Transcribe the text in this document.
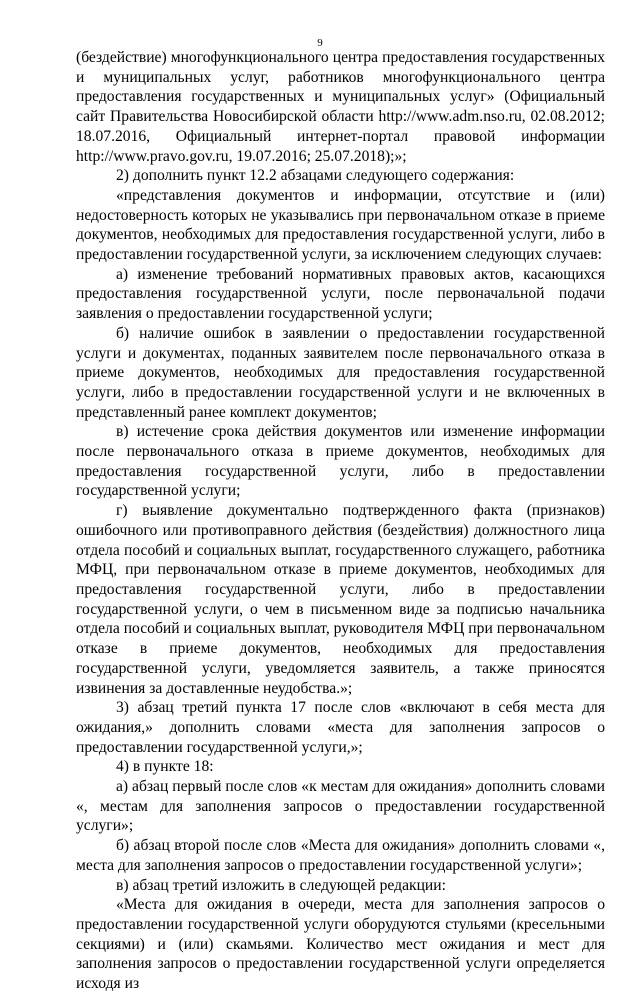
9

(бездействие) многофункционального центра предоставления государственных и муниципальных услуг, работников многофункционального центра предоставления государственных и муниципальных услуг» (Официальный сайт Правительства Новосибирской области http://www.adm.nso.ru, 02.08.2012; 18.07.2016, Официальный интернет-портал правовой информации http://www.pravo.gov.ru, 19.07.2016; 25.07.2018);»;

2) дополнить пункт 12.2 абзацами следующего содержания:

«представления документов и информации, отсутствие и (или) недостоверность которых не указывались при первоначальном отказе в приеме документов, необходимых для предоставления государственной услуги, либо в предоставлении государственной услуги, за исключением следующих случаев:

а) изменение требований нормативных правовых актов, касающихся предоставления государственной услуги, после первоначальной подачи заявления о предоставлении государственной услуги;

б) наличие ошибок в заявлении о предоставлении государственной услуги и документах, поданных заявителем после первоначального отказа в приеме документов, необходимых для предоставления государственной услуги, либо в предоставлении государственной услуги и не включенных в представленный ранее комплект документов;

в) истечение срока действия документов или изменение информации после первоначального отказа в приеме документов, необходимых для предоставления государственной услуги, либо в предоставлении государственной услуги;

г) выявление документально подтвержденного факта (признаков) ошибочного или противоправного действия (бездействия) должностного лица отдела пособий и социальных выплат, государственного служащего, работника МФЦ, при первоначальном отказе в приеме документов, необходимых для предоставления государственной услуги, либо в предоставлении государственной услуги, о чем в письменном виде за подписью начальника отдела пособий и социальных выплат, руководителя МФЦ при первоначальном отказе в приеме документов, необходимых для предоставления государственной услуги, уведомляется заявитель, а также приносятся извинения за доставленные неудобства.»;

3) абзац третий пункта 17 после слов «включают в себя места для ожидания,» дополнить словами «места для заполнения запросов о предоставлении государственной услуги,»;

4) в пункте 18:

а) абзац первый после слов «к местам для ожидания» дополнить словами «, местам для заполнения запросов о предоставлении государственной услуги»;

б) абзац второй после слов «Места для ожидания» дополнить словами «, места для заполнения запросов о предоставлении государственной услуги»;

в) абзац третий изложить в следующей редакции:

«Места для ожидания в очереди, места для заполнения запросов о предоставлении государственной услуги оборудуются стульями (кресельными секциями) и (или) скамьями. Количество мест ожидания и мест для заполнения запросов о предоставлении государственной услуги определяется исходя из
